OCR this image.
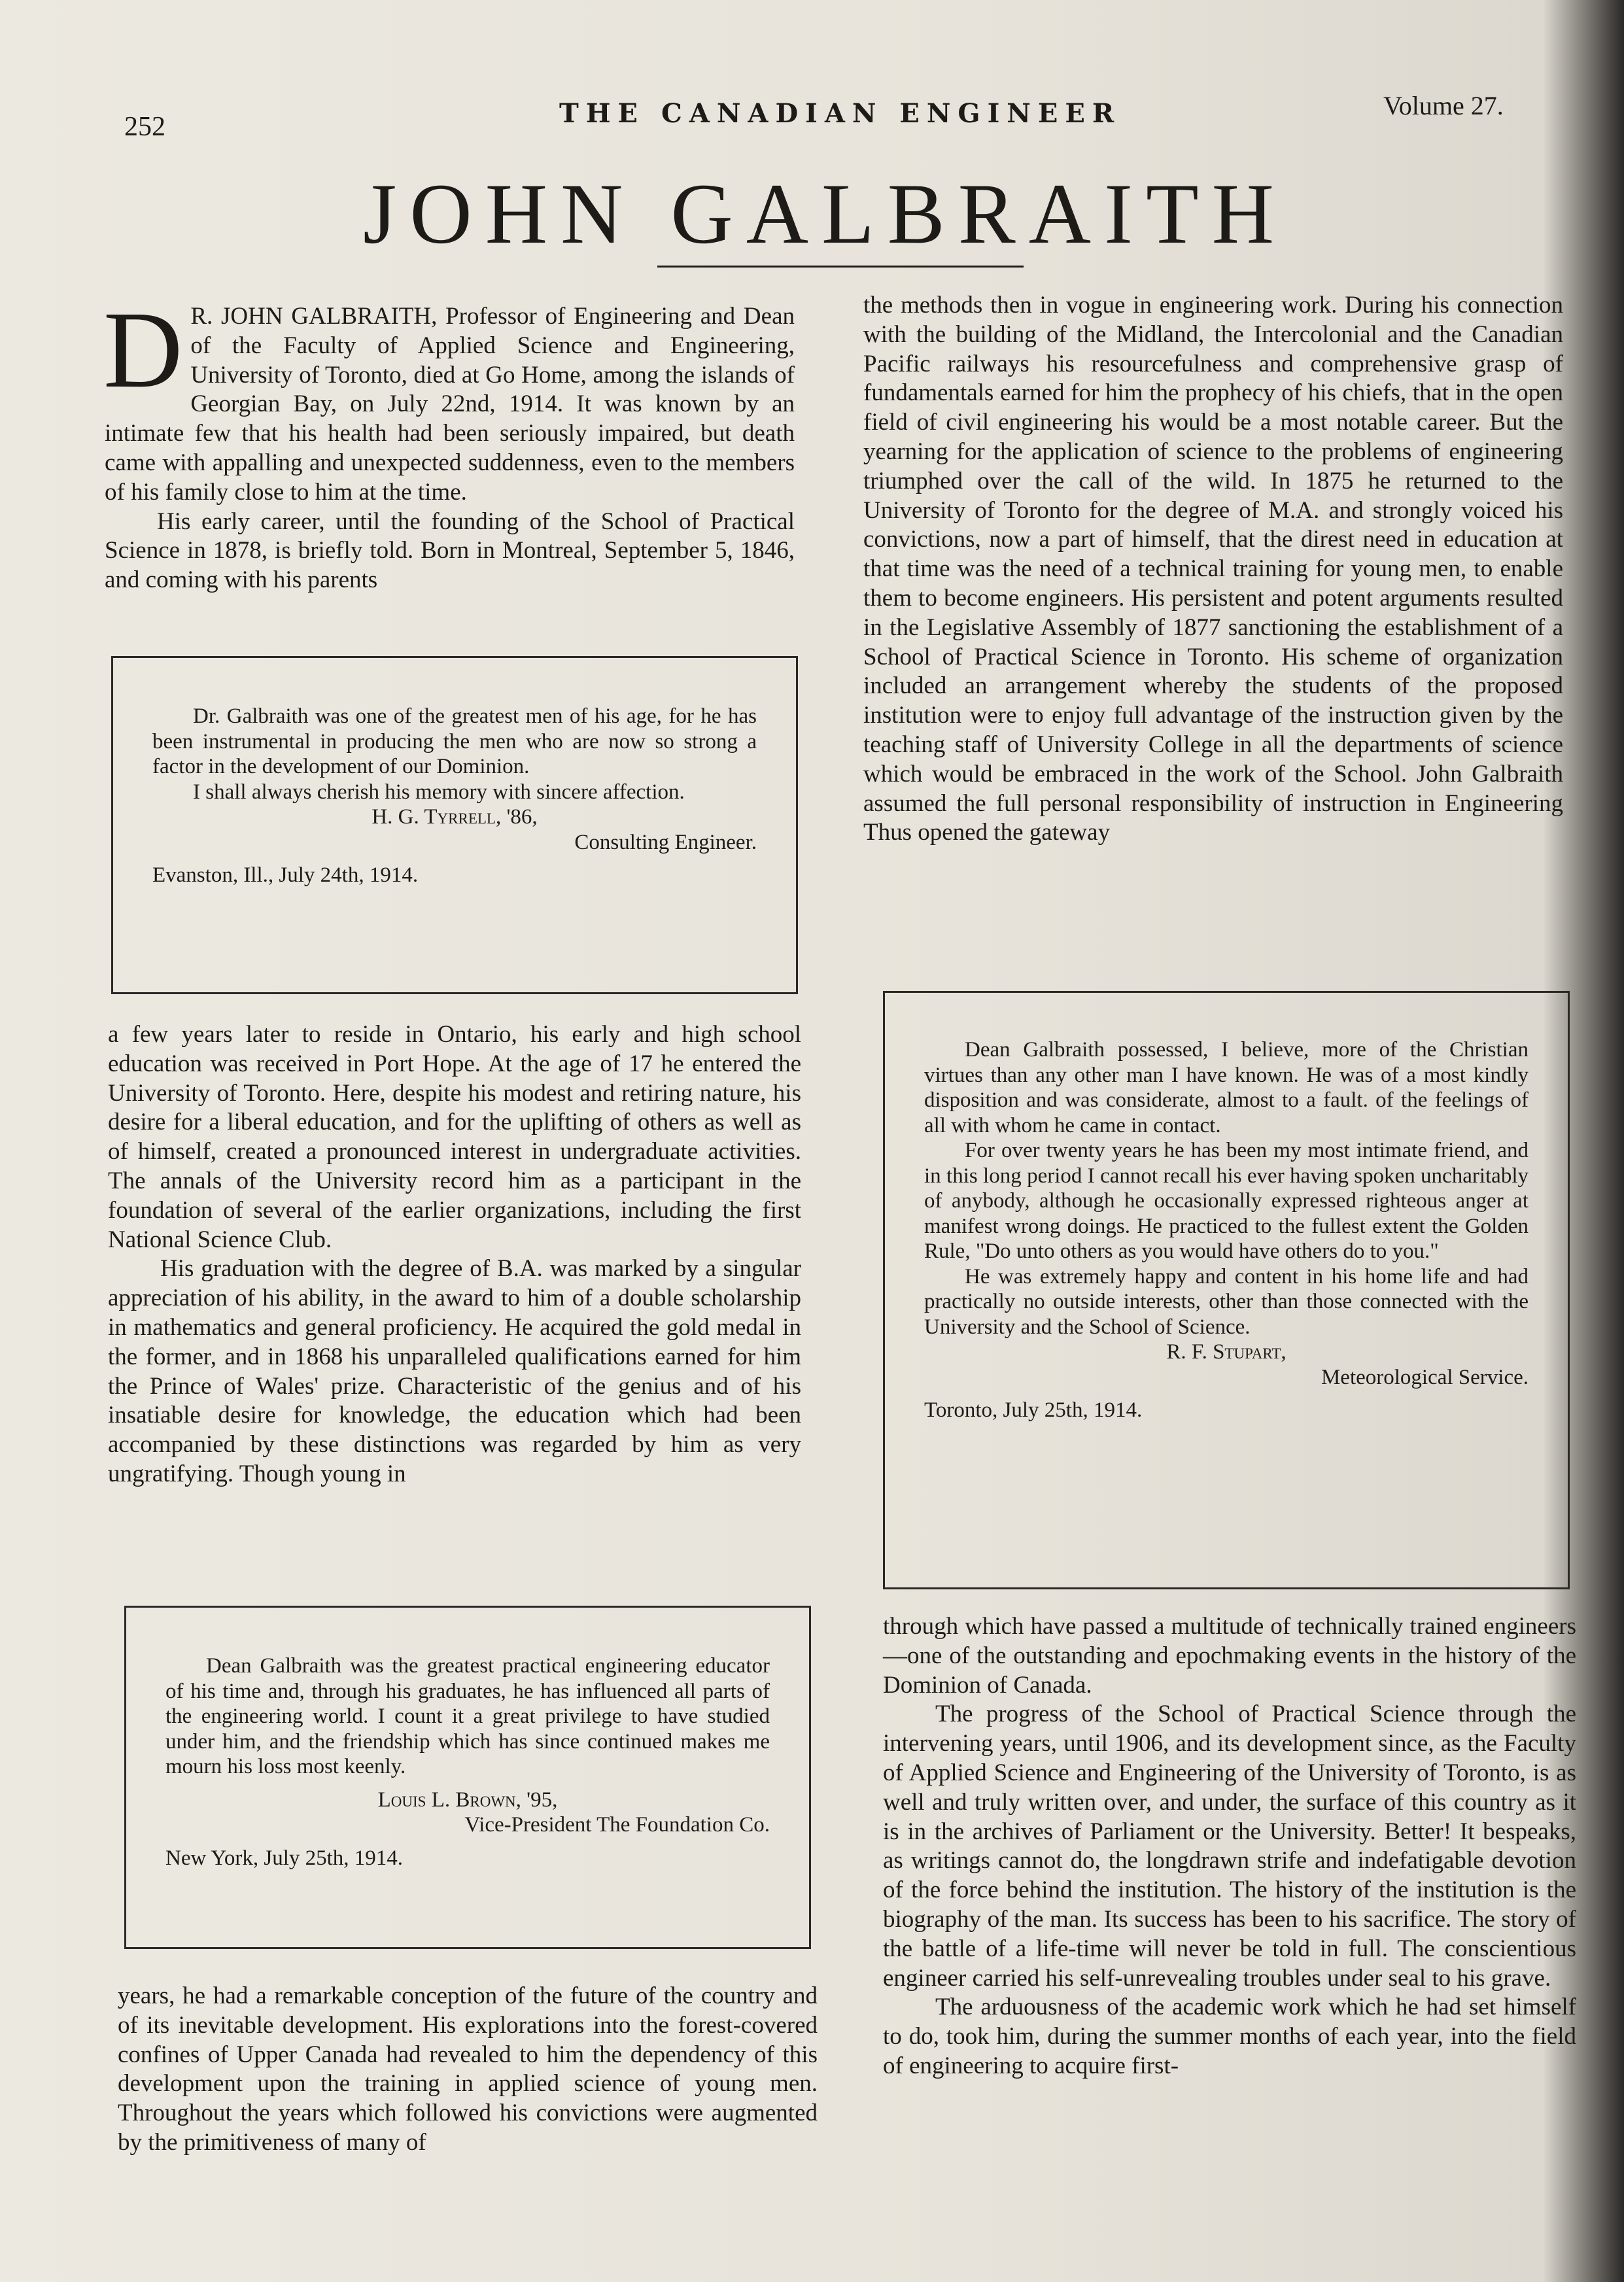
252	THE CANADIAN ENGINEER	Volume 27.
JOHN GALBRAITH

D R. JOHN GALBRAITH, Professor of Engineering and Dean of the Faculty of Applied Science and Engineering, University of Toronto, died at Go Home, among the islands of Georgian Bay, on July 22nd, 1914. It was known by an intimate few that his health had been seriously impaired, but death came with appalling and unexpected suddenness, even to the members of his family close to him at the time.

His early career, until the founding of the School of Practical Science in 1878, is briefly told. Born in Montreal, September 5, 1846, and coming with his parents

Dr. Galbraith was one of the greatest men of his age, for he has been instrumental in producing the men who are now so strong a factor in the development of our Dominion.

I shall always cherish his memory with sincere affection.

H. G. Tyrrell, '86,

Consulting Engineer.

Evanston, Ill., July 24th, 1914.

a few years later to reside in Ontario, his early and high school education was received in Port Hope. At the age of 17 he entered the University of Toronto. Here, despite his modest and retiring nature, his desire for a liberal education, and for the uplifting of others as well as of himself, created a pronounced interest in undergraduate activities. The annals of the University record him as a participant in the foundation of several of the earlier organizations, including the first National Science Club.

His graduation with the degree of B.A. was marked by a singular appreciation of his ability, in the award to him of a double scholarship in mathematics and general proficiency. He acquired the gold medal in the former, and in 1868 his unparalleled qualifications earned for him the Prince of Wales' prize. Characteristic of the genius and of his insatiable desire for knowledge, the education which had been accompanied by these distinctions was regarded by him as very ungratifying. Though young in

Dean Galbraith was the greatest practical engineering educator of his time and, through his graduates, he has influenced all parts of the engineering world. I count it a great privilege to have studied under him, and the friendship which has since continued makes me mourn his loss most keenly.

Louis L. Brown, '95,

Vice-President The Foundation Co.

New York, July 25th, 1914.

years, he had a remarkable conception of the future of the country and of its inevitable development. His explorations into the forest-covered confines of Upper Canada had revealed to him the dependency of this development upon the training in applied science of young men. Throughout the years which followed his convictions were augmented by the primitiveness of many of

the methods then in vogue in engineering work. During his connection with the building of the Midland, the Intercolonial and the Canadian Pacific railways his resourcefulness and comprehensive grasp of fundamentals earned for him the prophecy of his chiefs, that in the open field of civil engineering his would be a most notable career. But the yearning for the application of science to the problems of engineering triumphed over the call of the wild. In 1875 he returned to the University of Toronto for the degree of M.A. and strongly voiced his convictions, now a part of himself, that the direst need in education at that time was the need of a technical training for young men, to enable them to become engineers. His persistent and potent arguments resulted in the Legislative Assembly of 1877 sanctioning the establishment of a School of Practical Science in Toronto. His scheme of organization included an arrangement whereby the students of the proposed institution were to enjoy full advantage of the instruction given by the teaching staff of University College in all the departments of science which would be embraced in the work of the School. John Galbraith assumed the full personal responsibility of instruction in Engineering Thus opened the gateway

Dean Galbraith possessed, I believe, more of the Christian virtues than any other man I have known. He was of a most kindly disposition and was considerate, almost to a fault. of the feelings of all with whom he came in contact.

For over twenty years he has been my most intimate friend, and in this long period I cannot recall his ever having spoken uncharitably of anybody, although he occasionally expressed righteous anger at manifest wrong doings. He practiced to the fullest extent the Golden Rule, "Do unto others as you would have others do to you."

He was extremely happy and content in his home life and had practically no outside interests, other than those connected with the University and the School of Science.

R. F. Stupart,

Meteorological Service.

Toronto, July 25th, 1914.

through which have passed a multitude of technically trained engineers—one of the outstanding and epochmaking events in the history of the Dominion of Canada.

The progress of the School of Practical Science through the intervening years, until 1906, and its development since, as the Faculty of Applied Science and Engineering of the University of Toronto, is as well and truly written over, and under, the surface of this country as it is in the archives of Parliament or the University. Better! It bespeaks, as writings cannot do, the longdrawn strife and indefatigable devotion of the force behind the institution. The history of the institution is the biography of the man. Its success has been to his sacrifice. The story of the battle of a life-time will never be told in full. The conscientious engineer carried his self-unrevealing troubles under seal to his grave.

The arduousness of the academic work which he had set himself to do, took him, during the summer months of each year, into the field of engineering to acquire first-
